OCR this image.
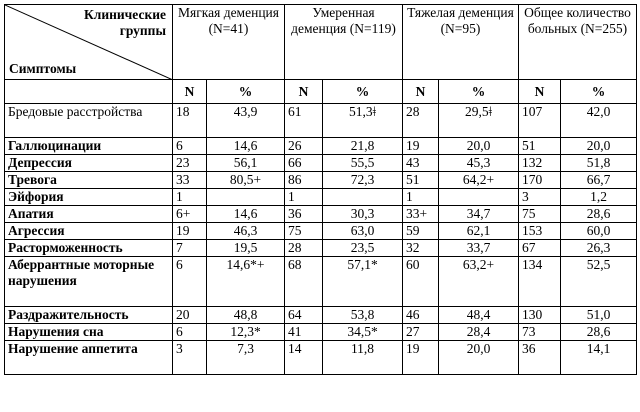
Клинические группы
Симптомы	Мягкая деменция (N=41)		Умеренная деменция (N=119)		Тяжелая деменция (N=95)		Общее количество больных (N=255)	
	N	%	N	%	N	%	N	%
Бредовые расстройства	18	43,9	61	51,3ǂ	28	29,5ǂ	107	42,0
Галлюцинации	6	14,6	26	21,8	19	20,0	51	20,0
Депрессия	23	56,1	66	55,5	43	45,3	132	51,8
Тревога	33	80,5+	86	72,3	51	64,2+	170	66,7
Эйфория	1		1		1		3	1,2
Апатия	6+	14,6	36	30,3	33+	34,7	75	28,6
Агрессия	19	46,3	75	63,0	59	62,1	153	60,0
Расторможенность	7	19,5	28	23,5	32	33,7	67	26,3
Аберрантные моторные нарушения	6	14,6*+	68	57,1*	60	63,2+	134	52,5
Раздражительность	20	48,8	64	53,8	46	48,4	130	51,0
Нарушения сна	6	12,3*	41	34,5*	27	28,4	73	28,6
Нарушение аппетита	3	7,3	14	11,8	19	20,0	36	14,1
